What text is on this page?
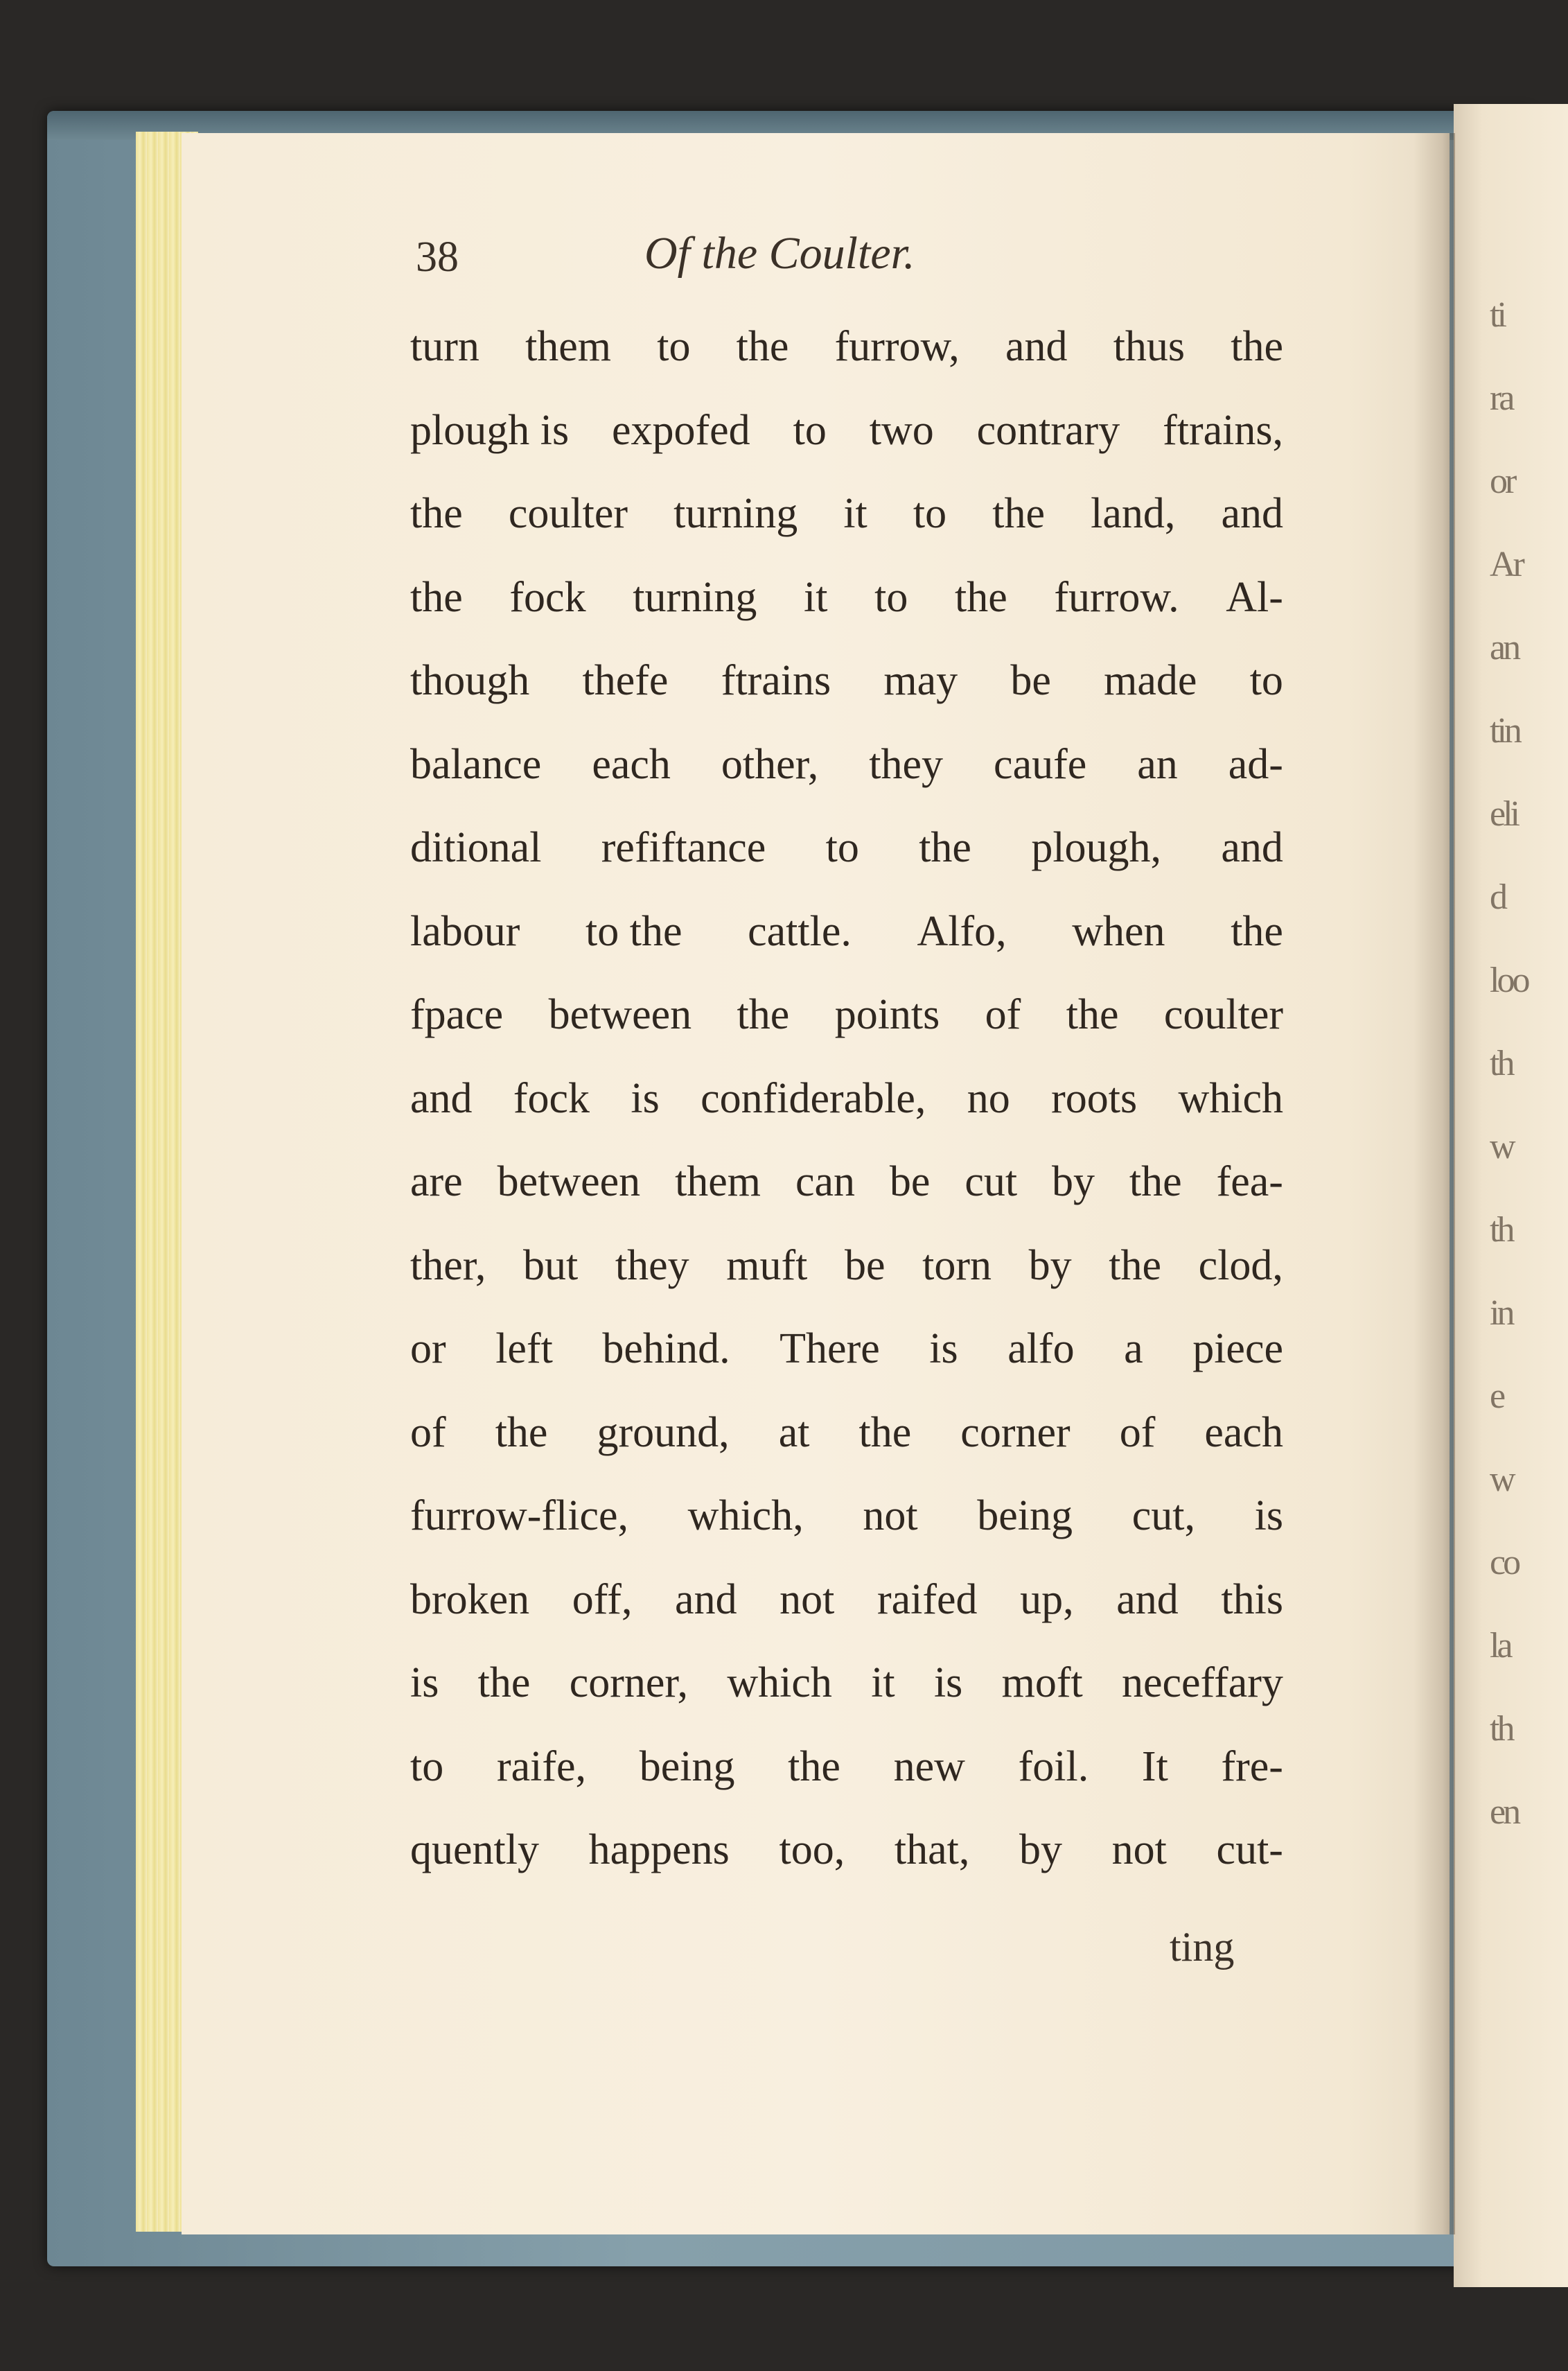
ti
ra
or
Ar
an
tin
eli
d
loo
th
w
th
in
e
w
co
la
th
en
38	Of the Coulter.
turn them to the furrow, and thus the
plough is expofed to two contrary ftrains,
the coulter turning it to the land, and
the fock turning it to the furrow. Al-
though thefe ftrains may be made to
balance each other, they caufe an ad-
ditional refiftance to the plough, and
labour to the cattle. Alfo, when the
fpace between the points of the coulter
and fock is confiderable, no roots which
are between them can be cut by the fea-
ther, but they muft be torn by the clod,
or left behind. There is alfo a piece
of the ground, at the corner of each
furrow-flice, which, not being cut, is
broken off, and not raifed up, and this
is the corner, which it is moft neceffary
to raife, being the new foil. It fre-
quently happens too, that, by not cut-
ting
